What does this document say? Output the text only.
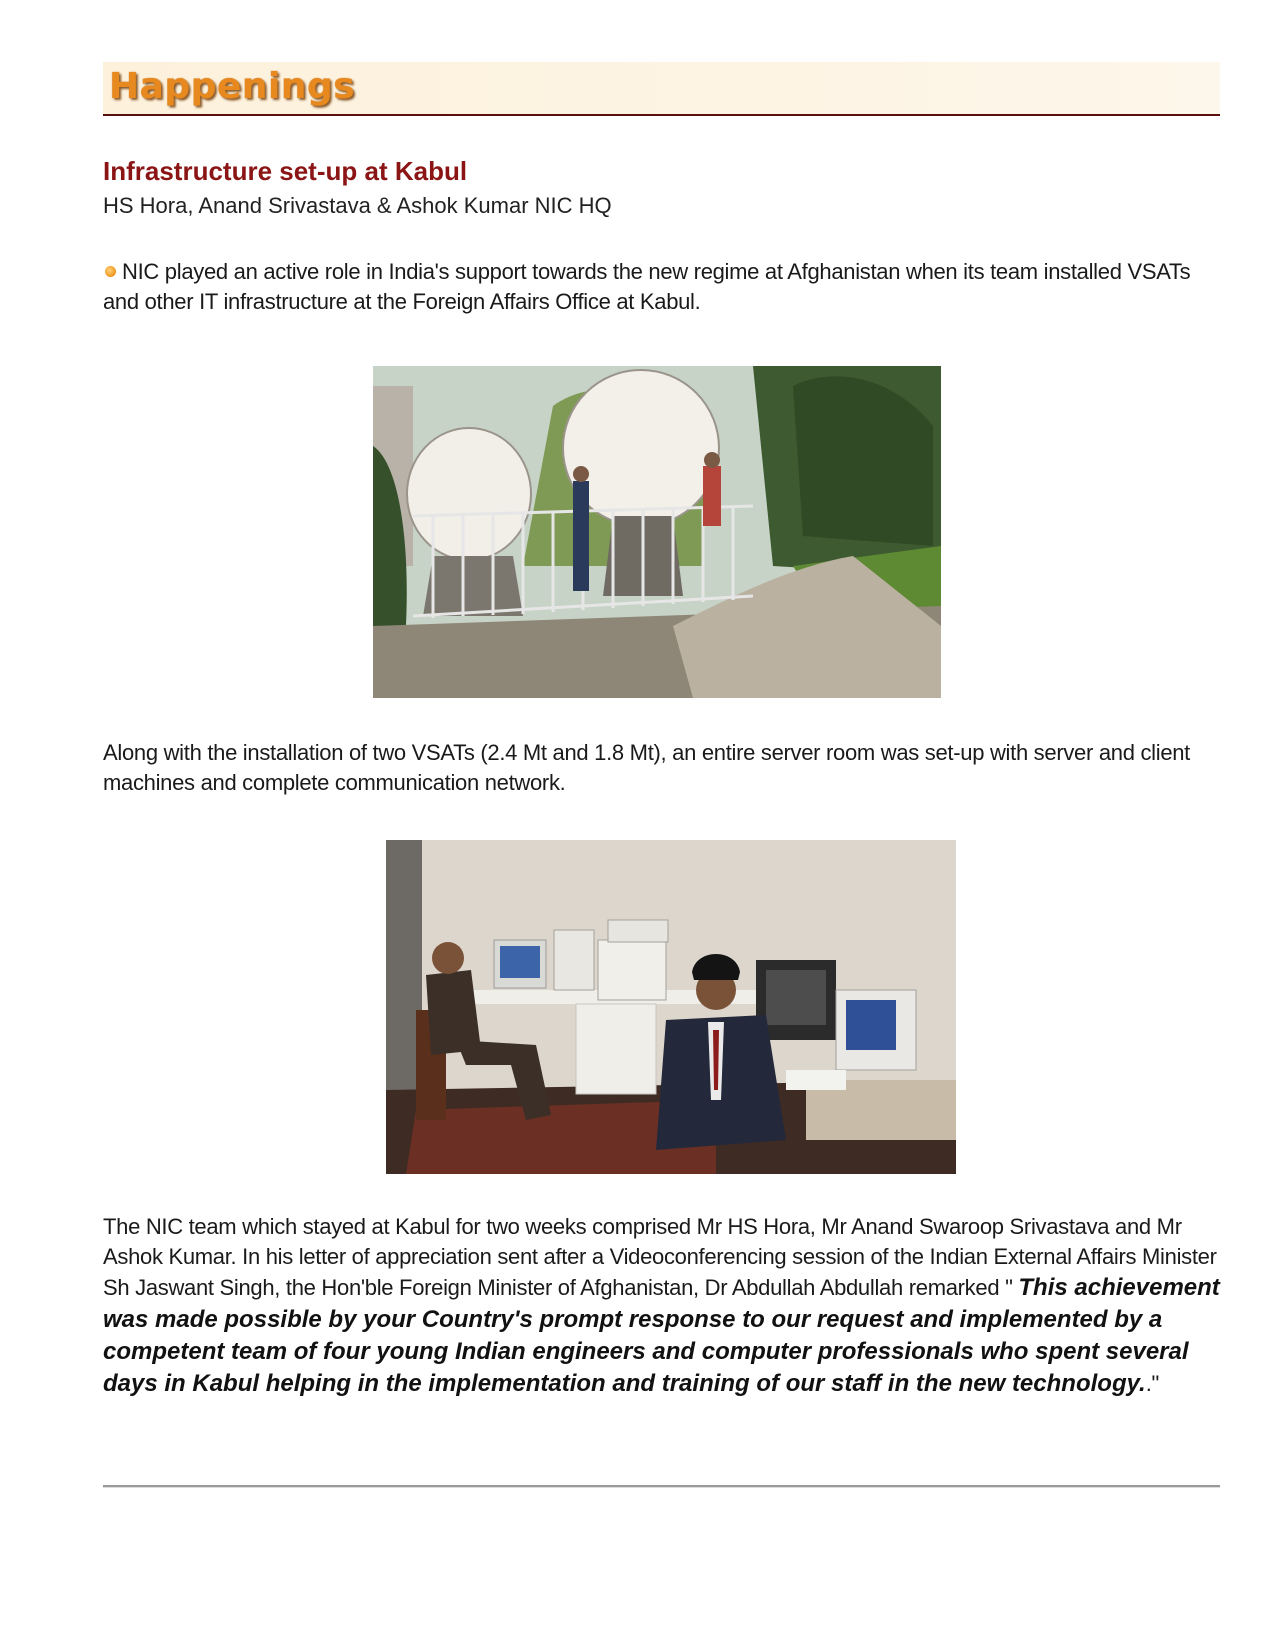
Happenings
Infrastructure set-up at Kabul
HS Hora, Anand Srivastava & Ashok Kumar NIC HQ
NIC played an active role in India's support towards the new regime at Afghanistan when its team installed VSATs and other IT infrastructure at the Foreign Affairs Office at Kabul.
Along with the installation of two VSATs (2.4 Mt and 1.8 Mt), an entire server room was set-up with server and client machines and complete communication network.
The NIC team which stayed at Kabul for two weeks comprised Mr HS Hora, Mr Anand Swaroop Srivastava and Mr Ashok Kumar. In his letter of appreciation sent after a Videoconferencing session of the Indian External Affairs Minister Sh Jaswant Singh, the Hon'ble Foreign Minister of Afghanistan, Dr Abdullah Abdullah remarked " This achievement was made possible by your Country's prompt response to our request and implemented by a competent team of four young Indian engineers and computer professionals who spent several days in Kabul helping in the implementation and training of our staff in the new technology.."
